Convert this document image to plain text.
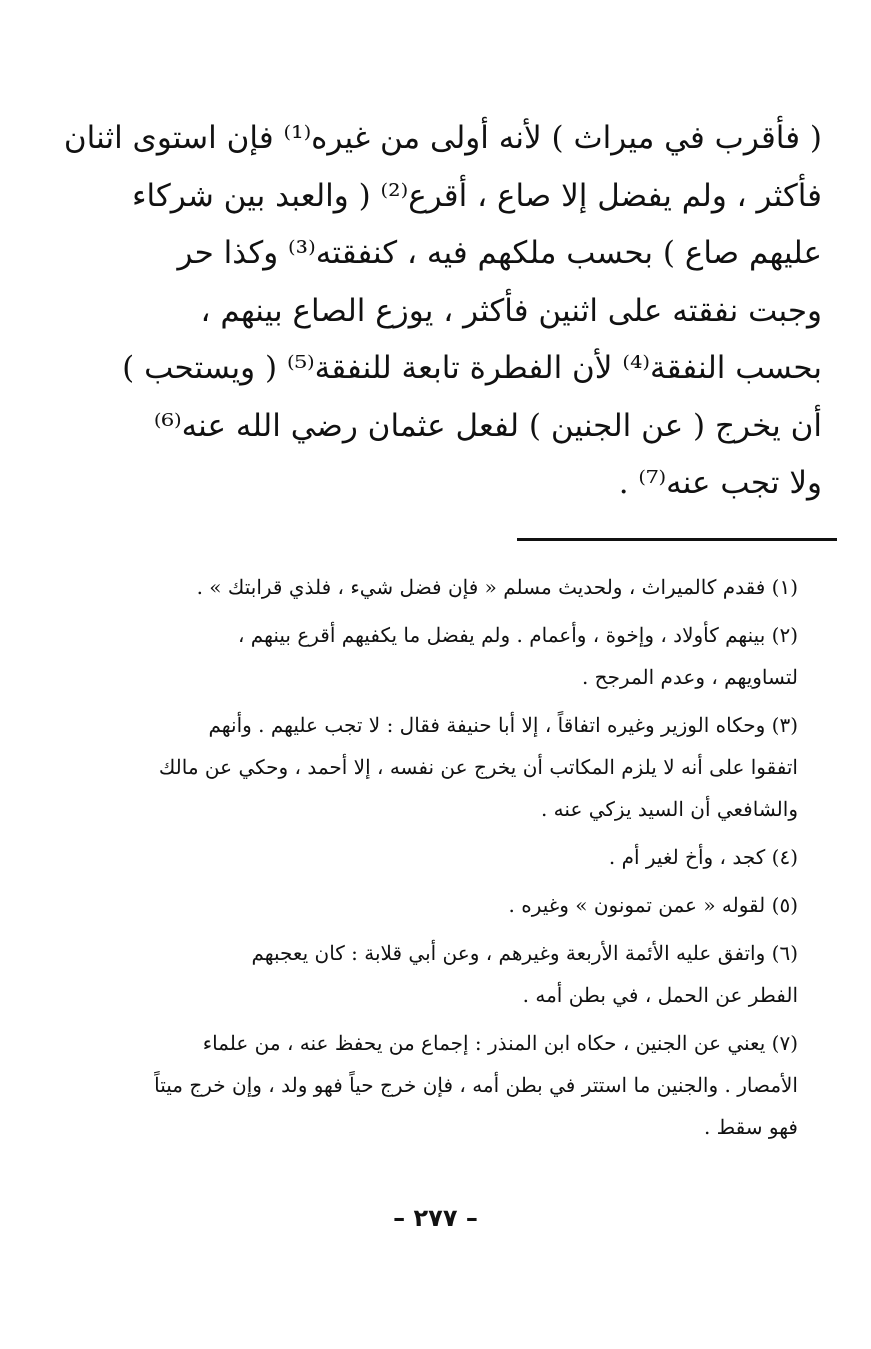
( فأقرب في ميراث ) لأنه أولى من غيره⁽¹⁾ فإن استوى اثنان
فأكثر ، ولم يفضل إلا صاع ، أقرع⁽²⁾ ( والعبد بين شركاء
عليهم صاع ) بحسب ملكهم فيه ، كنفقته⁽³⁾ وكذا حر
وجبت نفقته على اثنين فأكثر ، يوزع الصاع بينهم ،
بحسب النفقة⁽⁴⁾ لأن الفطرة تابعة للنفقة⁽⁵⁾ ( ويستحب )
أن يخرج ( عن الجنين ) لفعل عثمان رضي الله عنه⁽⁶⁾
ولا تجب عنه⁽⁷⁾ .
(١) فقدم كالميراث ، ولحديث مسلم « فإن فضل شيء ، فلذي قرابتك » .
(٢) بينهم كأولاد ، وإخوة ، وأعمام . ولم يفضل ما يكفيهم أقرع بينهم ،
لتساويهم ، وعدم المرجح .
(٣) وحكاه الوزير وغيره اتفاقاً ، إلا أبا حنيفة فقال : لا تجب عليهم . وأنهم
اتفقوا على أنه لا يلزم المكاتب أن يخرج عن نفسه ، إلا أحمد ، وحكي عن مالك
والشافعي أن السيد يزكي عنه .
(٤) كجد ، وأخ لغير أم .
(٥) لقوله « عمن تمونون » وغيره .
(٦) واتفق عليه الأئمة الأربعة وغيرهم ، وعن أبي قلابة : كان يعجبهم
الفطر عن الحمل ، في بطن أمه .
(٧) يعني عن الجنين ، حكاه ابن المنذر : إجماع من يحفظ عنه ، من علماء
الأمصار . والجنين ما استتر في بطن أمه ، فإن خرج حياً فهو ولد ، وإن خرج ميتاً
فهو سقط .
– ٢٧٧ –
